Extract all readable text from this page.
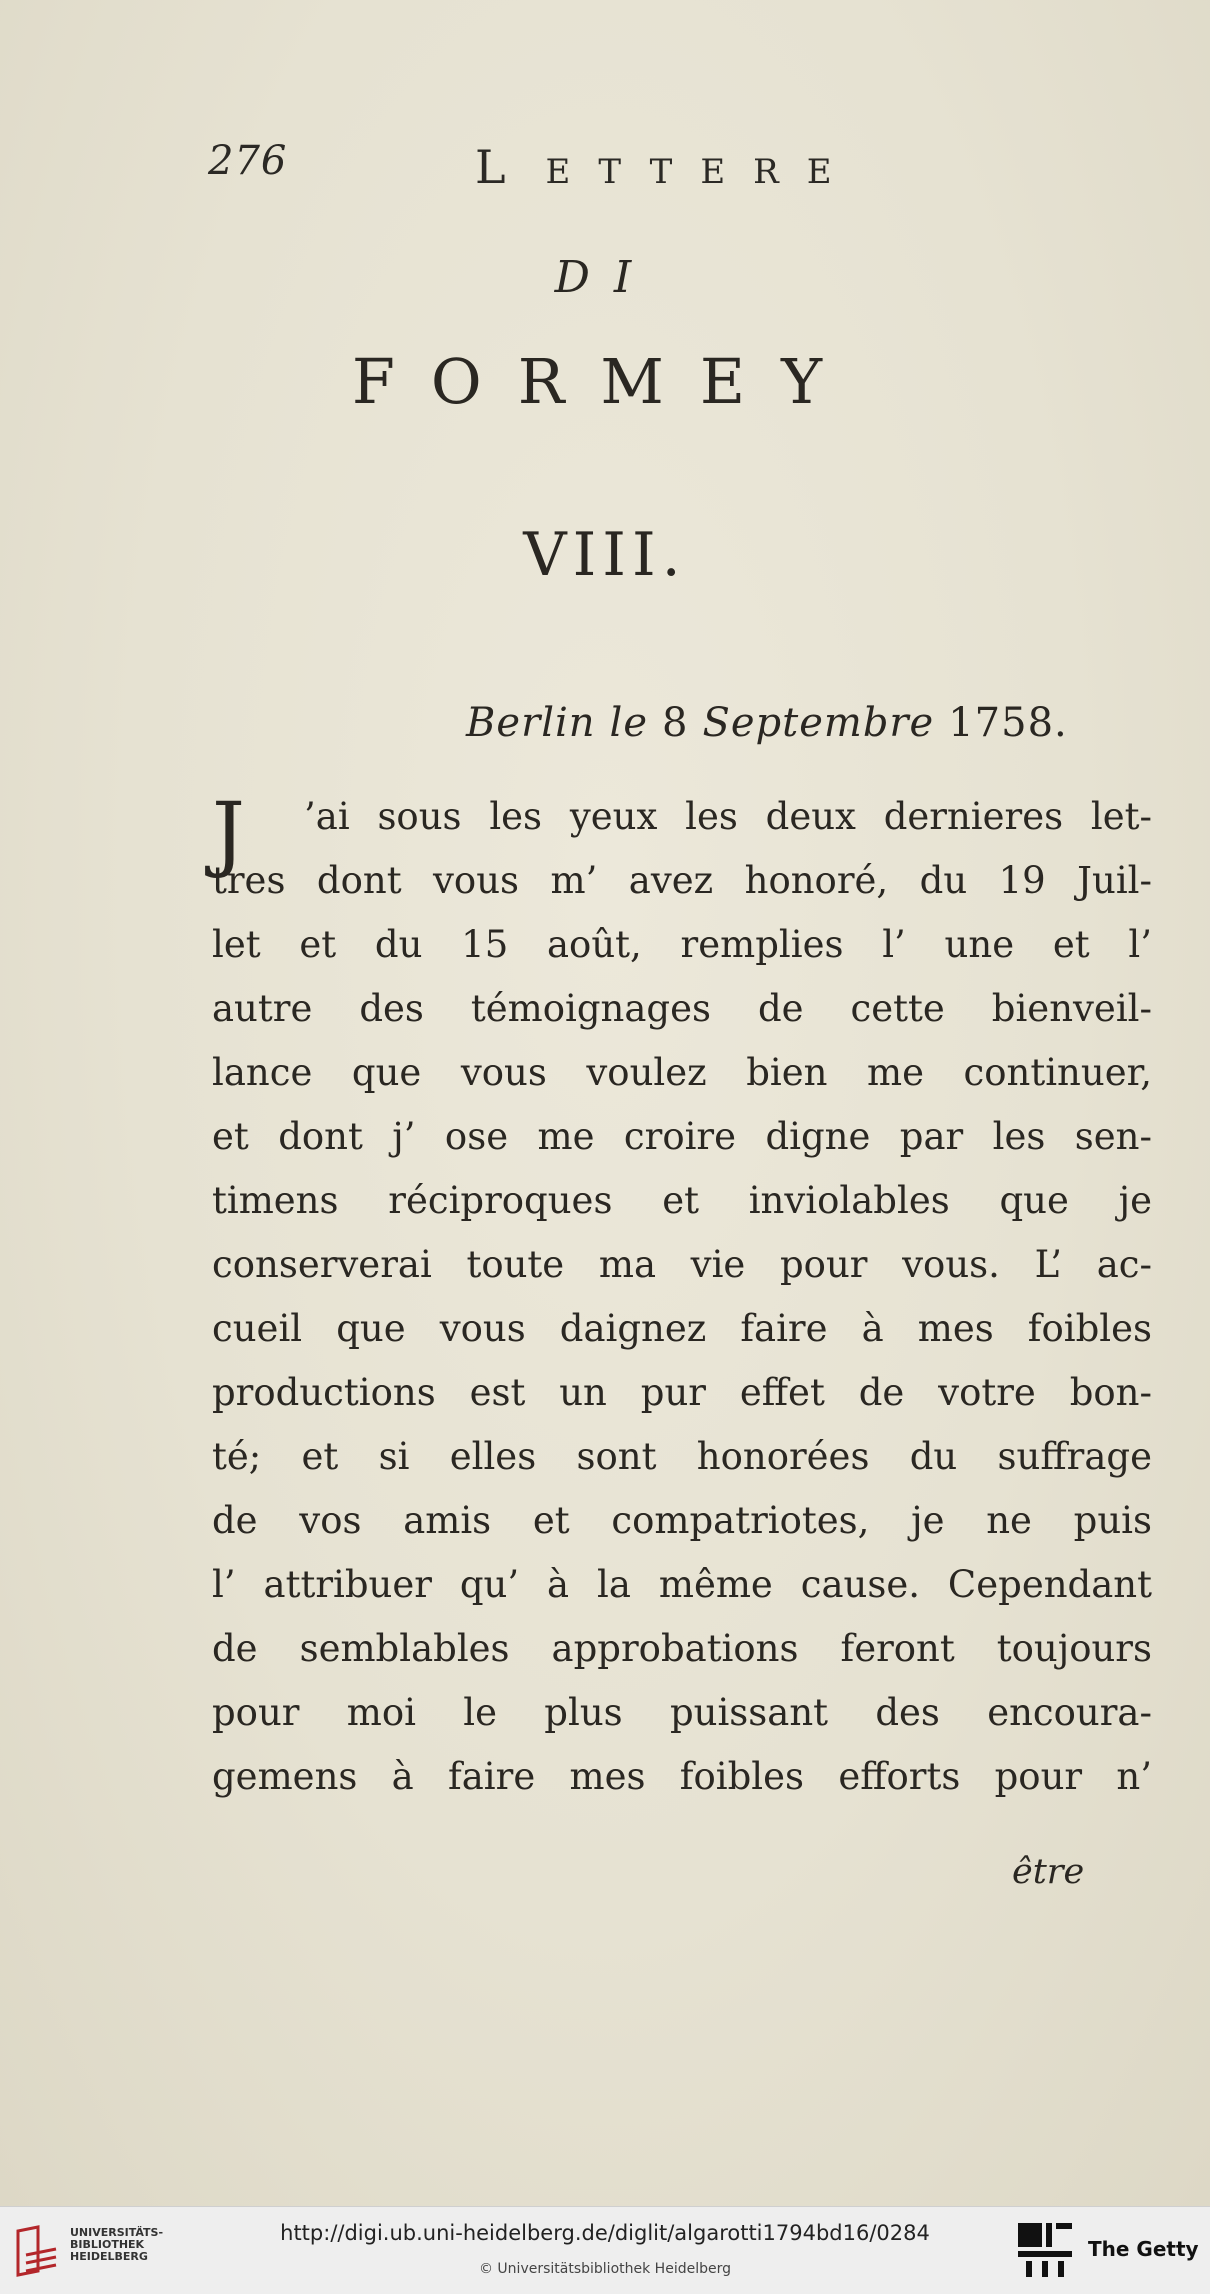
276	LETTERE
DI
FORMEY
VIII.
Berlin le 8 Septembre 1758.
J	’ai sous les yeux les deux dernieres let-
tres dont vous m’ avez honoré, du 19 Juil-
let et du 15 août, remplies l’ une et l’
autre des témoignages de cette bienveil-
lance que vous voulez bien me continuer,
et dont j’ ose me croire digne par les sen-
timens réciproques et inviolables que je
conserverai toute ma vie pour vous. L’ ac-
cueil que vous daignez faire à mes foibles
productions est un pur effet de votre bon-
té; et si elles sont honorées du suffrage
de vos amis et compatriotes, je ne puis
l’ attribuer qu’ à la même cause. Cependant
de semblables approbations feront toujours
pour moi le plus puissant des encoura-
gemens à faire mes foibles efforts pour n’
être
UNIVERSITÄTS-
BIBLIOTHEK
HEIDELBERG
http://digi.ub.uni-heidelberg.de/diglit/algarotti1794bd16/0284
© Universitätsbibliothek Heidelberg
The Getty
